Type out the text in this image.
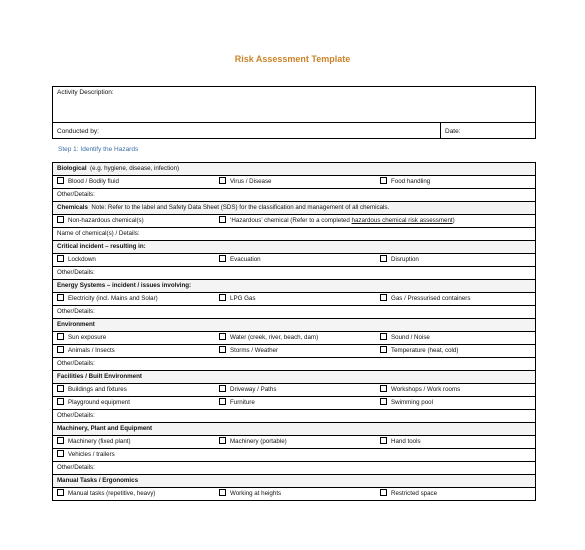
Risk Assessment Template
Activity Description:
Conducted by:	Date:
Step 1: Identify the Hazards
Biological (e.g. hygiene, disease, infection)
Blood / Bodily fluid	Virus / Disease	Food handling
Other/Details:
Chemicals Note: Refer to the label and Safety Data Sheet (SDS) for the classification and management of all chemicals.
Non-hazardous chemical(s)	‘Hazardous’ chemical (Refer to a completed hazardous chemical risk assessment)
Name of chemical(s) / Details:
Critical incident – resulting in:
Lockdown	Evacuation	Disruption
Other/Details:
Energy Systems – incident / issues involving:
Electricity (incl. Mains and Solar)	LPG Gas	Gas / Pressurised containers
Other/Details:
Environment
Sun exposure	Water (creek, river, beach, dam)	Sound / Noise
Animals / Insects	Storms / Weather	Temperature (heat, cold)
Other/Details:
Facilities / Built Environment
Buildings and fixtures	Driveway / Paths	Workshops / Work rooms
Playground equipment	Furniture	Swimming pool
Other/Details:
Machinery, Plant and Equipment
Machinery (fixed plant)	Machinery (portable)	Hand tools
Vehicles / trailers
Other/Details:
Manual Tasks / Ergonomics
Manual tasks (repetitive, heavy)	Working at heights	Restricted space
